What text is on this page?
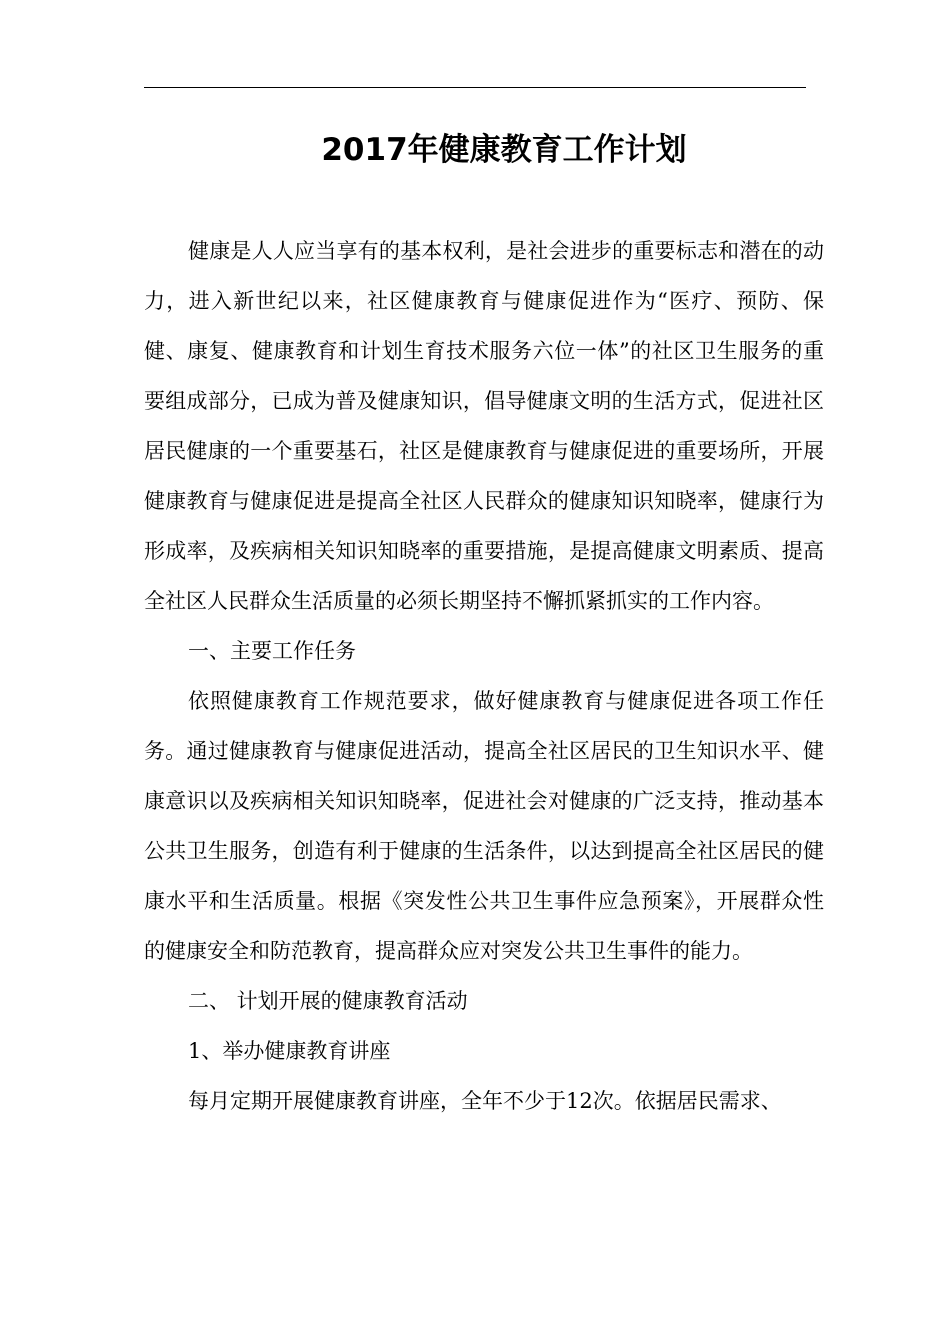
2017年健康教育工作计划

健康是人人应当享有的基本权利，是社会进步的重要标志和潜在的动力，进入新世纪以来，社区健康教育与健康促进作为“医疗、预防、保健、康复、健康教育和计划生育技术服务六位一体”的社区卫生服务的重要组成部分，已成为普及健康知识，倡导健康文明的生活方式，促进社区居民健康的一个重要基石，社区是健康教育与健康促进的重要场所，开展健康教育与健康促进是提高全社区人民群众的健康知识知晓率，健康行为形成率，及疾病相关知识知晓率的重要措施，是提高健康文明素质、提高全社区人民群众生活质量的必须长期坚持不懈抓紧抓实的工作内容。

一、主要工作任务

依照健康教育工作规范要求，做好健康教育与健康促进各项工作任务。通过健康教育与健康促进活动，提高全社区居民的卫生知识水平、健康意识以及疾病相关知识知晓率，促进社会对健康的广泛支持，推动基本公共卫生服务，创造有利于健康的生活条件，以达到提高全社区居民的健康水平和生活质量。根据《突发性公共卫生事件应急预案》，开展群众性的健康安全和防范教育，提高群众应对突发公共卫生事件的能力。

二、 计划开展的健康教育活动

1、举办健康教育讲座

每月定期开展健康教育讲座，全年不少于12次。依据居民需求、
